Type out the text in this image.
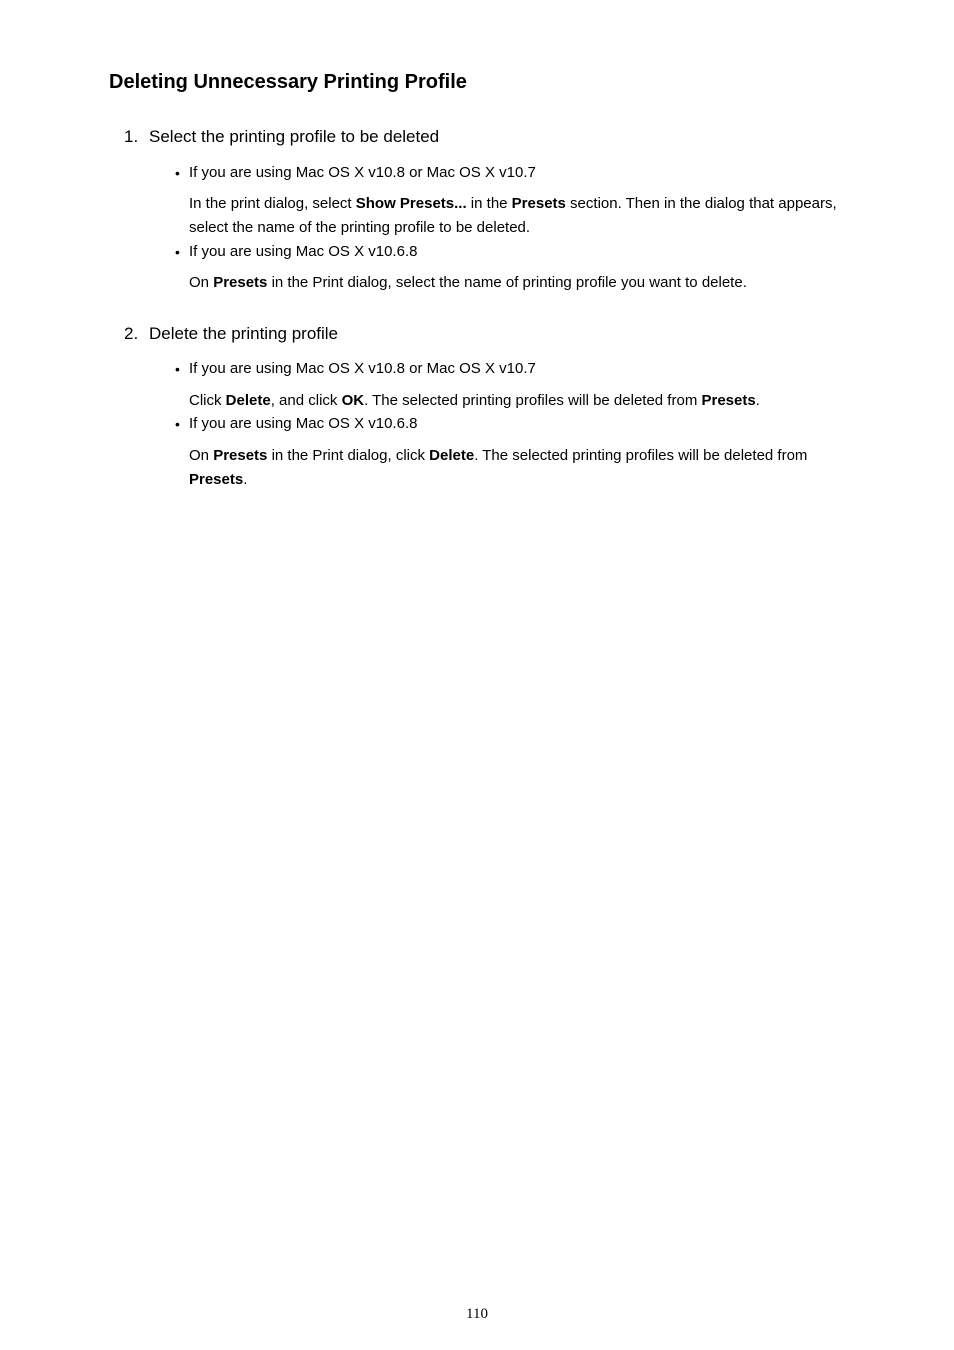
Deleting Unnecessary Printing Profile
1. Select the printing profile to be deleted
• If you are using Mac OS X v10.8 or Mac OS X v10.7
In the print dialog, select Show Presets... in the Presets section. Then in the dialog that appears, select the name of the printing profile to be deleted.
• If you are using Mac OS X v10.6.8
On Presets in the Print dialog, select the name of printing profile you want to delete.
2. Delete the printing profile
• If you are using Mac OS X v10.8 or Mac OS X v10.7
Click Delete, and click OK. The selected printing profiles will be deleted from Presets.
• If you are using Mac OS X v10.6.8
On Presets in the Print dialog, click Delete. The selected printing profiles will be deleted from Presets.
110
